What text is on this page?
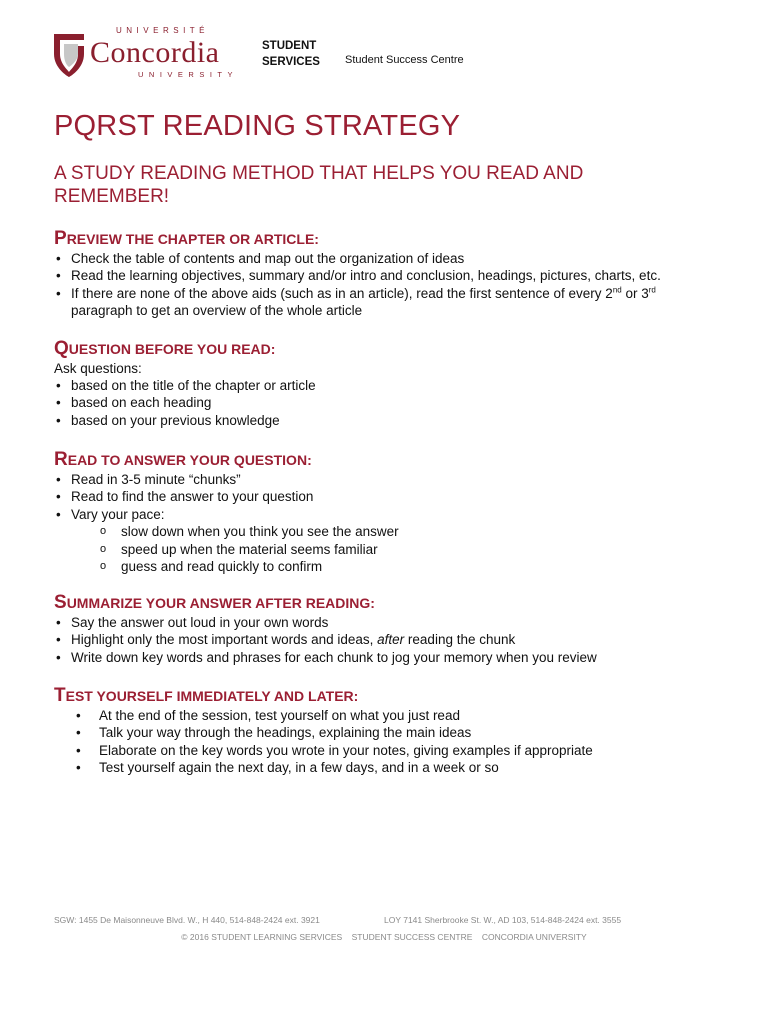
UNIVERSITÉ
Concordia
UNIVERSITY
STUDENT SERVICES	Student Success Centre
PQRST READING STRATEGY
A STUDY READING METHOD THAT HELPS YOU READ AND REMEMBER!
PREVIEW THE CHAPTER OR ARTICLE:
• Check the table of contents and map out the organization of ideas
• Read the learning objectives, summary and/or intro and conclusion, headings, pictures, charts, etc.
• If there are none of the above aids (such as in an article), read the first sentence of every 2nd or 3rd paragraph to get an overview of the whole article
QUESTION BEFORE YOU READ:

Ask questions:

• based on the title of the chapter or article
• based on each heading
• based on your previous knowledge
READ TO ANSWER YOUR QUESTION:
• Read in 3-5 minute “chunks”
• Read to find the answer to your question
• Vary your pace:
o slow down when you think you see the answer
o speed up when the material seems familiar
o guess and read quickly to confirm
SUMMARIZE YOUR ANSWER AFTER READING:
• Say the answer out loud in your own words
• Highlight only the most important words and ideas, after reading the chunk
• Write down key words and phrases for each chunk to jog your memory when you review
TEST YOURSELF IMMEDIATELY AND LATER:
• At the end of the session, test yourself on what you just read
• Talk your way through the headings, explaining the main ideas
• Elaborate on the key words you wrote in your notes, giving examples if appropriate
• Test yourself again the next day, in a few days, and in a week or so
SGW: 1455 De Maisonneuve Blvd. W., H 440, 514-848-2424 ext. 3921	LOY 7141 Sherbrooke St. W., AD 103, 514-848-2424 ext. 3555
© 2016 STUDENT LEARNING SERVICES    STUDENT SUCCESS CENTRE    CONCORDIA UNIVERSITY
